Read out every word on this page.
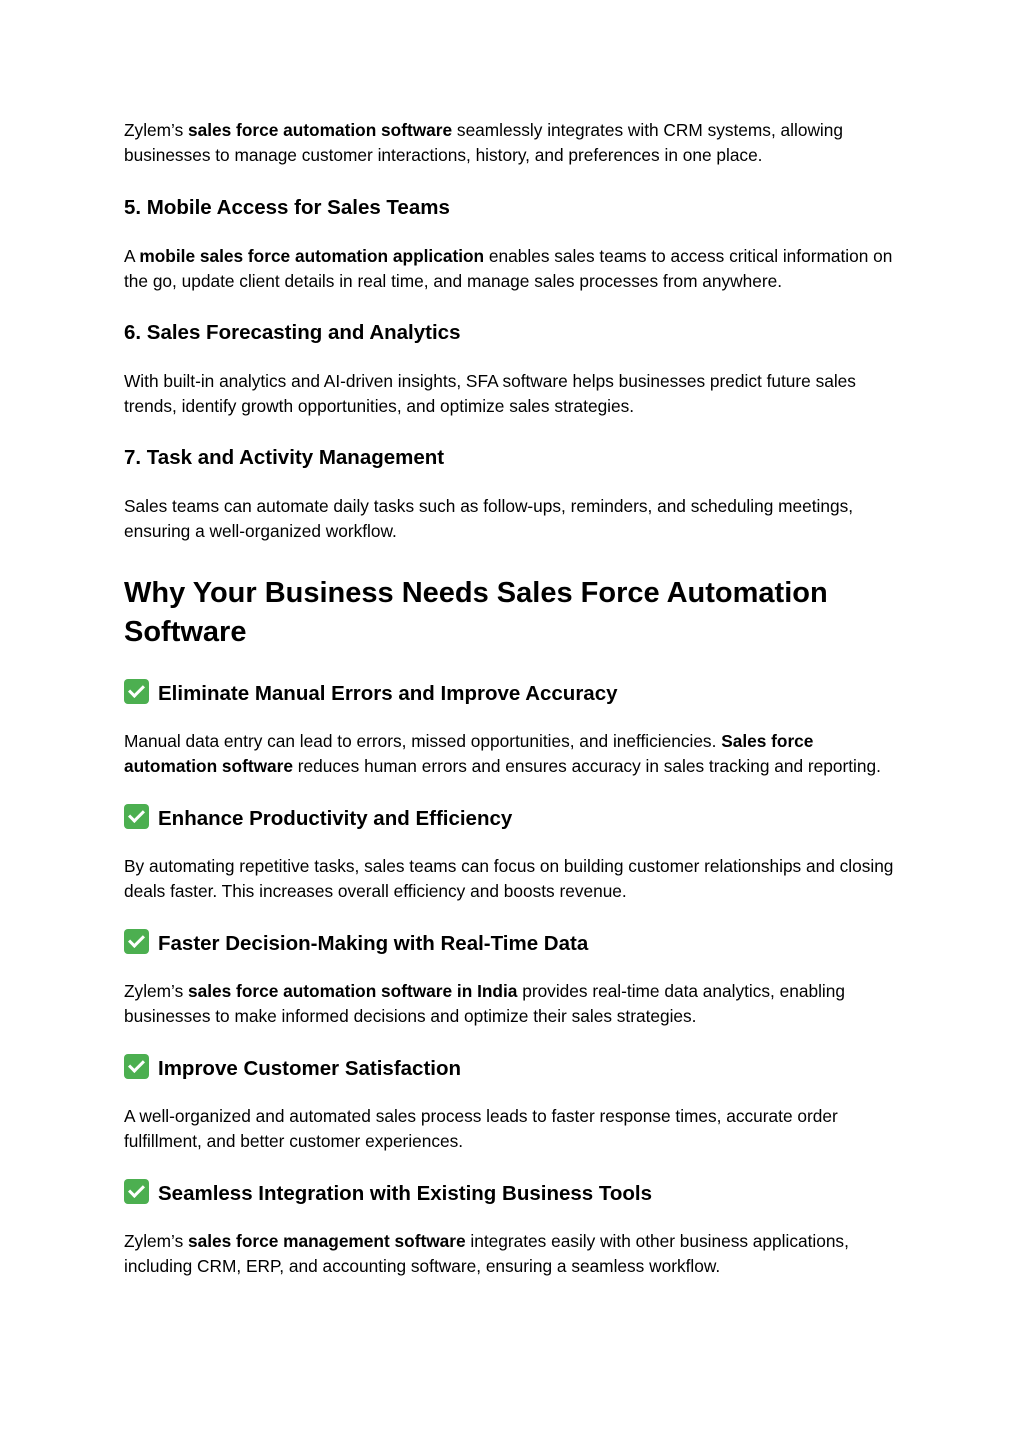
Zylem’s sales force automation software seamlessly integrates with CRM systems, allowing businesses to manage customer interactions, history, and preferences in one place.

5. Mobile Access for Sales Teams

A mobile sales force automation application enables sales teams to access critical information on the go, update client details in real time, and manage sales processes from anywhere.

6. Sales Forecasting and Analytics

With built-in analytics and AI-driven insights, SFA software helps businesses predict future sales trends, identify growth opportunities, and optimize sales strategies.

7. Task and Activity Management

Sales teams can automate daily tasks such as follow-ups, reminders, and scheduling meetings, ensuring a well-organized workflow.

Why Your Business Needs Sales Force Automation Software
Eliminate Manual Errors and Improve Accuracy

Manual data entry can lead to errors, missed opportunities, and inefficiencies. Sales force automation software reduces human errors and ensures accuracy in sales tracking and reporting.

Enhance Productivity and Efficiency

By automating repetitive tasks, sales teams can focus on building customer relationships and closing deals faster. This increases overall efficiency and boosts revenue.

Faster Decision-Making with Real-Time Data

Zylem’s sales force automation software in India provides real-time data analytics, enabling businesses to make informed decisions and optimize their sales strategies.

Improve Customer Satisfaction

A well-organized and automated sales process leads to faster response times, accurate order fulfillment, and better customer experiences.

Seamless Integration with Existing Business Tools

Zylem’s sales force management software integrates easily with other business applications, including CRM, ERP, and accounting software, ensuring a seamless workflow.
